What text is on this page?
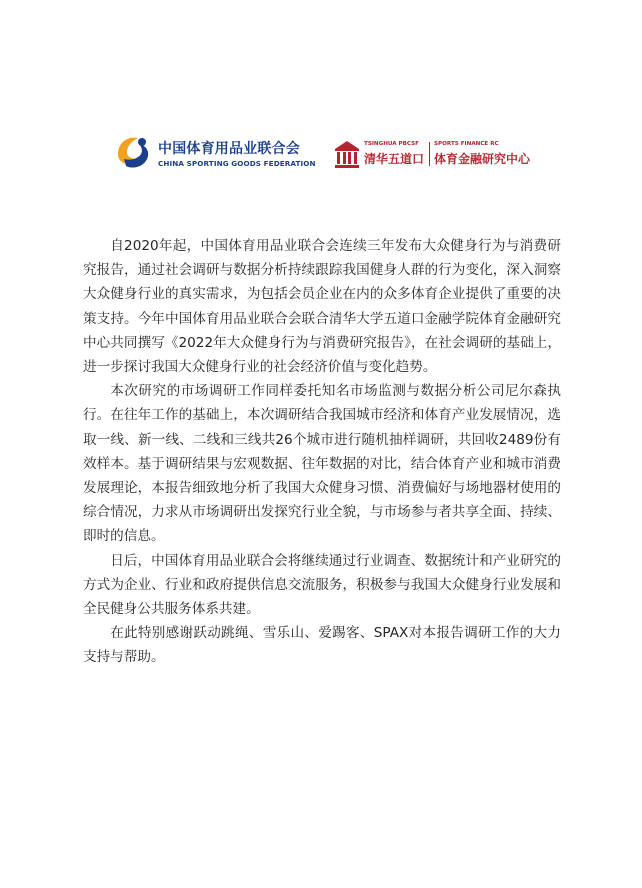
中国体育用品业联合会
CHINA SPORTING GOODS FEDERATION
TSINGHUA PBCSF
清华五道口
SPORTS FINANCE RC
体育金融研究中心

自2020年起，中国体育用品业联合会连续三年发布大众健身行为与消费研究报告，通过社会调研与数据分析持续跟踪我国健身人群的行为变化，深入洞察大众健身行业的真实需求，为包括会员企业在内的众多体育企业提供了重要的决策支持。今年中国体育用品业联合会联合清华大学五道口金融学院体育金融研究中心共同撰写《2022年大众健身行为与消费研究报告》，在社会调研的基础上，进一步探讨我国大众健身行业的社会经济价值与变化趋势。

本次研究的市场调研工作同样委托知名市场监测与数据分析公司尼尔森执行。在往年工作的基础上，本次调研结合我国城市经济和体育产业发展情况，选取一线、新一线、二线和三线共26个城市进行随机抽样调研，共回收2489份有效样本。基于调研结果与宏观数据、往年数据的对比，结合体育产业和城市消费发展理论，本报告细致地分析了我国大众健身习惯、消费偏好与场地器材使用的综合情况，力求从市场调研出发探究行业全貌，与市场参与者共享全面、持续、即时的信息。

日后，中国体育用品业联合会将继续通过行业调查、数据统计和产业研究的方式为企业、行业和政府提供信息交流服务，积极参与我国大众健身行业发展和全民健身公共服务体系共建。

在此特别感谢跃动跳绳、雪乐山、爱踢客、SPAX对本报告调研工作的大力支持与帮助。
